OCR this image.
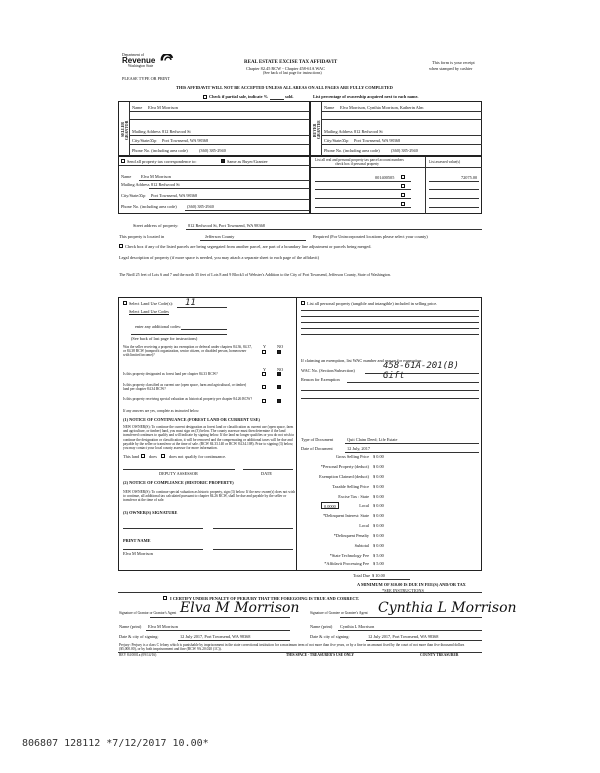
Department of
Revenue
Washington State
PLEASE TYPE OR PRINT
REAL ESTATE EXCISE TAX AFFIDAVIT
Chapter 82.45 RCW - Chapter 458-61A WAC
(See back of last page for instructions)
This form is your receipt
when stamped by cashier
THIS AFFIDAVIT WILL NOT BE ACCEPTED UNLESS ALL AREAS ON ALL PAGES ARE FULLY COMPLETED
Check if partial sale, indicate %	sold.	List percentage of ownership acquired next to each name.
SELLER GRANTOR
Name Elva M Morrison
Mailing Address 812 Redwood St
City/State/Zip Port Townsend, WA 98368
Phone No. (including area code)	(360) 385-2940
BUYER GRANTEE
Name Elva Morrison, Cynthia Morrison, Katherin Alm
Mailing Address 812 Redwood St
City/State/Zip Port Townsend, WA 98368
Phone No. (including area code)	(360) 385-2940
Send all property tax correspondence to:	Same as Buyer/Grantee
Name Elva M Morrison
Mailing Address 812 Redwood St
City/State/Zip Port Townsend, WA 98368
Phone No. (including area code) (360) 385-2940
List all real and personal property tax parcel account numbers
check box if personal property	List assessed value(s)
001400505	72075.00
Street address of property: 812 Redwood St, Port Townsend, WA 98368
This property is located in	Jefferson County	Required (For Unincorporated locations please select your county)
Check box if any of the listed parcels are being segregated from another parcel, are part of a boundary line adjustment or parcels being merged.
Legal description of property (if more space is needed, you may attach a separate sheet to each page of the affidavit)
The Ntrdl 25 feet of Lots 6 and 7 and the north 35 feet of Lots 8 and 9 Block3 of Webster's Addition to the City of Port Townsend, Jefferson County, State of Washington.
Select Land Use Code(s): 11
Select Land Use Codes
enter any additional codes:
(See back of last page for instructions)
Y	NO
Was the seller receiving a property tax exemption or deferral under chapters 84.36, 84.37, or 84.38 RCW (nonprofit organization, senior citizen, or disabled person, homeowner with limited income)?
Y	NO
Is this property designated as forest land per chapter 84.33 RCW?
Is this property classified as current use (open space, farm and agricultural, or timber) land per chapter 84.34 RCW?
Is this property receiving special valuation as historical property per chapter 84.26 RCW?
If any answers are yes, complete as instructed below.
(1) NOTICE OF CONTINUANCE (FOREST LAND OR CURRENT USE)
NEW OWNER(S): To continue the current designation as forest land or classification as current use (open space, farm and agriculture, or timber) land, you must sign on (3) below. The county assessor must then determine if the land transferred continues to qualify and will indicate by signing below. If the land no longer qualifies or you do not wish to continue the designation or classification, it will be removed and the compensating or additional taxes will be due and payable by the seller or transferor at the time of sale. (RCW 84.33.140 or RCW 84.34.108). Prior to signing (3) below, you may contact your local county assessor for more information.
This land does	does not qualify for continuance.
DEPUTY ASSESSOR	DATE
(2) NOTICE OF COMPLIANCE (HISTORIC PROPERTY)
NEW OWNER(S): To continue special valuation as historic property, sign (3) below. If the new owner(s) does not wish to continue, all additional tax calculated pursuant to chapter 84.26 RCW, shall be due and payable by the seller or transferor at the time of sale.
(3) OWNER(S) SIGNATURE
PRINT NAME
Elva M Morrison
List all personal property (tangible and intangible) included in selling price.
If claiming an exemption, list WAC number and reason for exemption:
WAC No. (Section/Subsection)	458-61A-201(B)
Reason for Exemption	Gift
Type of Document	Quit Claim Deed; Life Estate
Date of Document	12 July, 2017
Gross Selling Price $ 0.00
*Personal Property (deduct) $ 0.00
Exemption Claimed (deduct) $ 0.00
Taxable Selling Price $ 0.00
Excise Tax : State $ 0.00
0.0000	Local $ 0.00
*Delinquent Interest: State $ 0.00
Local $ 0.00
*Delinquent Penalty $ 0.00
Subtotal $ 0.00
*State Technology Fee $ 5.00
*Affidavit Processing Fee $ 5.00
Total Due $ 10.00
A MINIMUM OF $10.00 IS DUE IN FEE(S) AND/OR TAX
*SEE INSTRUCTIONS
I CERTIFY UNDER PENALTY OF PERJURY THAT THE FOREGOING IS TRUE AND CORRECT.
Signature of Grantor or Grantor's Agent Elva M Morrison	Signature of Grantee or Grantee's Agent Cynthia L Morrison
Name (print) Elva M Morrison	Name (print) Cynthia L Morrison
Date & city of signing:	12 July 2017, Port Townsend, WA 98368	Date & city of signing:	12 July 2017, Port Townsend, WA 98368
Perjury: Perjury is a class C felony which is punishable by imprisonment in the state correctional institution for a maximum term of not more than five years, or by a fine in an amount fixed by the court of not more than five thousand dollars ($5,000.00), or by both imprisonment and fine (RCW 9A.20.020 (1C)).
REV 84 0001a (09/14/16)	THIS SPACE - TREASURER'S USE ONLY	COUNTY TREASURER
806807 128112 *7/12/2017 10.00*
